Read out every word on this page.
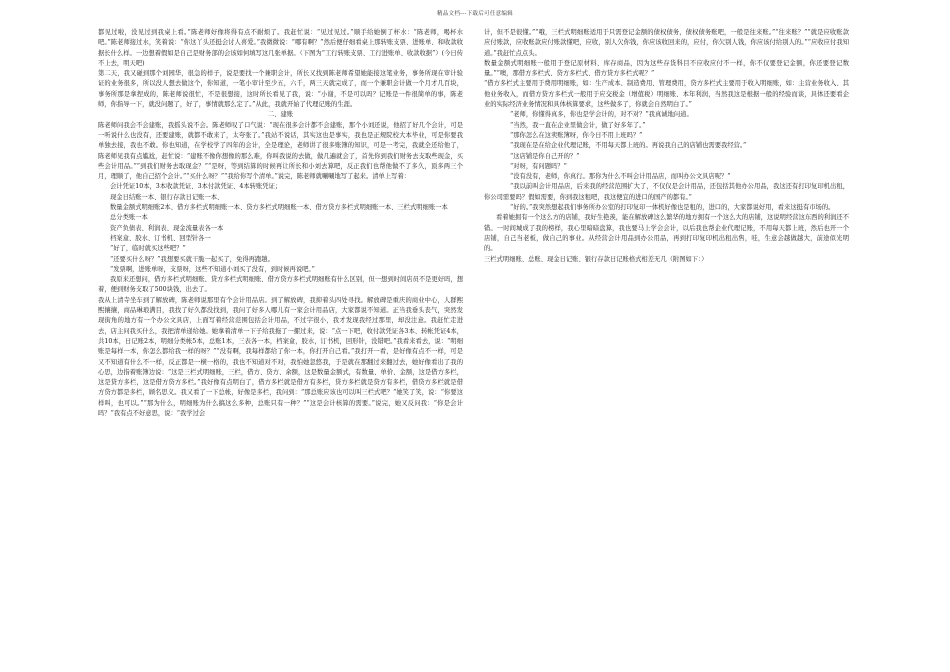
精品文档---下载后可任意编辑

都见过啦，没见过到我桌上看。”陈老师好像将得有点不耐烦了。我赶忙说：“见过见过。”顺手给她倒了杯水：“陈老师，喝杯水吧。”陈老师接过水，笑着说：“你这丫头还挺会讨人喜爱。”我微微说：“哪有啊？”然后便仔细看桌上那转账支票、进账单、和收款收据长什么样。一边想着假如是自己是财务部的会该如何填写这几张单据。（下图为“工行转账支票、工行进账单、收款收据”）(今日传不上去，明天吧)

第二天，我又碰到那个刘园华，很急的样子，说是要找一个兼职会计，所长又找到陈老师希望她能接这笔业务，事务所现在审计验证的业务很多，所以没人想去做这个，你知道，一笔小审计至少五，六千，两三天就完成了，而一个兼职会计做一个月才几百块，事务所那是拿捏成的，陈老师说很忙，不是很想接，这时所长看见了我，说：“小谢，不是可以吗？记账是一件很简单的事，陈老师，你指导一下，就没问题了，好了，事情就那么定了。”从此，我就开始了代理记账的生涯。

二、建账

陈老师问我会不会建账，我摇头说不会。陈老师叹了口气说：“现在很多会计都不会建账，那个小刘还说，他招了好几个会计，可是一听说什么也没有，还要建账，就都不敢来了，太夸张了。”我站不说话，其实这也是事实，我也是正规院校大本毕业，可是你要我单独去接，我也不敢。你也知道，在学校学了四年的会计，全是理论，老师讲了很多账簿的知识，可是一考完，我就全还给他了，陈老师见我有点尴尬，赶忙说：“建账不像你想像的那么难，你叫我说的去做，做几遍就会了，首先你到我们财务去支取些现金，买些会计用品。”“到我们财务去取现金？”“是呀，等到结算的时候再让所长和小刘去算吧，反正我们也帮他做不了多久，顶多两三个月，理顺了，他自己招个会计。”“买什么呀？”“我给你写个清单。”说完，陈老师就唰唰地写了起来。清单上写着：

会计凭证10本，3本收款凭证、3本付款凭证、4本转账凭证；

现金日结账一本、银行存款日记账一本、

数量金额式明细账2本、借方多栏式明细账一本、贷方多栏式明细账一本、借方贷方多栏式明细账一本、三栏式明细账一本

总分类账一本

资产负债表、利润表、现金流量表各一本

档案盒、胶水、订书机、回型针各一

“好了，临时就买这些吧？”

“还要买什么呀？”我想要买就干脆一起买了，免得再跑趟。

“发票啊，进账单呀，支票呀，这些不知道小刘买了没有，到时候再说吧。”

我原来还想问，借方多栏式明细账、贷方多栏式明细账、借方贷方多栏式明细账有什么区别，但一想到时间店员不是更好吗，想着，便到财务支取了500块钱，出去了。

我从上清寺坐车到了解放碑，陈老师说那里有个会计用品店。到了解放碑，我抑着头四处寻找。解放碑是重庆的商业中心，人群熙熙攘攘，商品琳琅满目，我找了好久都没找到，我问了好多人哪儿有一家会计用品店，大家都说不知道。正当我垂头丧气，突然发现街角的地方有一个办公文具店，上面写着经营范围包括会计用品，不过字很小，我才发现我经过那里，却没注意。我赶忙走进去，店主问我买什么，我把清单递给她。她拿着清单一下子给我拖了一摞过来，说：“点一下吧，收付款凭证各3本、转帐凭证4本，共10本，日记账2本，明细分类帐5本，总账1本，三表各一本，档案盒，胶水，订书机，回形针，没错吧。”我看来看去，说：“明细账是每样一本，你怎么都给我一样的呀？”“没有啊，我每样都给了你一本，你打开自己看。”我打开一看，是好像有点不一样，可是又不知道有什么不一样，反正都是一横一格的，我也不知道对不对，我怕她忽悠我，于是就在那翻过来翻过去，她好像看出了我的心思，边指着账簿边说：“这是三栏式明细账，三栏，借方、贷方、余额，这是数量金额式，有数量、单价、金额，这是借方多栏，这是贷方多栏，这是借方贷方多栏。”我好像有点明白了，借方多栏就是借方有多栏，贷方多栏就是贷方有多栏，借贷方多栏就是借方贷方都是多栏，顾名思义。我又看了一下总帐，好像是多栏，我问到：“那总账应该也可以叫三栏式吧？”她笑了笑，说：“你要这样叫，也可以。”“那为什么，明细账为什么搞这么多种，总账只有一种？”“这是会计核算的需要。”说完，她又反问我：“你是会计吗？”我有点不好意思，说：“我学过会

计，但不是很懂。”“哦，三栏式明细账适用于只需登记金额的债权债务，债权债务账吧，一般是往来账。”“往来账？”“就是应收账款应付账款，应收账款应付账款懂吧，应收，别人欠你钱，你应该收回来的，应付，你欠别人钱，你应该付给别人的。”“应收应付我知道。”我赶忙点点头。

数量金额式明细账一般用于登记原材料、库存商品，因为这些存货科目不应收应付不一样，你不仅要登记金额，你还要登记数量。”“噢，那借方多栏式、贷方多栏式、借方贷方多栏式呢？”

“借方多栏式主要用于费用明细账，如：生产成本、制造费用、管理费用，贷方多栏式主要用于收入明细账，如：主营业务收入、其他业务收入，而借方贷方多栏式一般用于应交税金（增值税）明细账、本年利润，当然我这是根据一般的经验而谈，具体还要看企业的实际经济业务情况和具体核算要求，这些做多了，你就会自然明白了。”

“老师，你懂得真多，你也是学会计的，对不对？”我真诚地问道。

“当然，我一直在企业里做会计，做了好多年了。”

“那你怎么在这卖账簿呀，你今日不用上班吗？”

“我现在是在给企业代理记账，不用每天都上班的。再说我自己的店铺也需要我经营。”

“这店铺是你自己开的？”

“对呀，有问题吗？”

“没有没有，老师，你真行。那你为什么不叫会计用品店，而叫办公文具店呢？”

“我以前叫会计用品店，后来我的经营范围扩大了，不仅仅是会计用品，还包括其他办公用品，我这还有打印复印机出租，你公司需要吗？假如需要，你到我这租吧，我这便宜的进口的国产的都有。”

“好的。”我突然想起我们事务所办公室的打印复印一体机好像也是租的，进口的，大家都说好用，看来这挺有市场的。

看着她拥有一个这么方的店铺，我好生艳羡，能在解放碑这么繁华的地方拥有一个这么大的店铺，这说明经营这东西的利润还不错。一时间城成了我的榜样，我心里暗暗盘算，我也要马上学会会计，以后我也帮企业代理记账，不用每天都上班，然后也开一个店铺，自己当老板，做自己的事业。从经营会计用品到办公用品，再到打印复印机出租出售，哇，生意会越做越大，前途似光明的。

三栏式明细账、总账、现金日记账、银行存款日记账格式相差无几（附图如下：）
